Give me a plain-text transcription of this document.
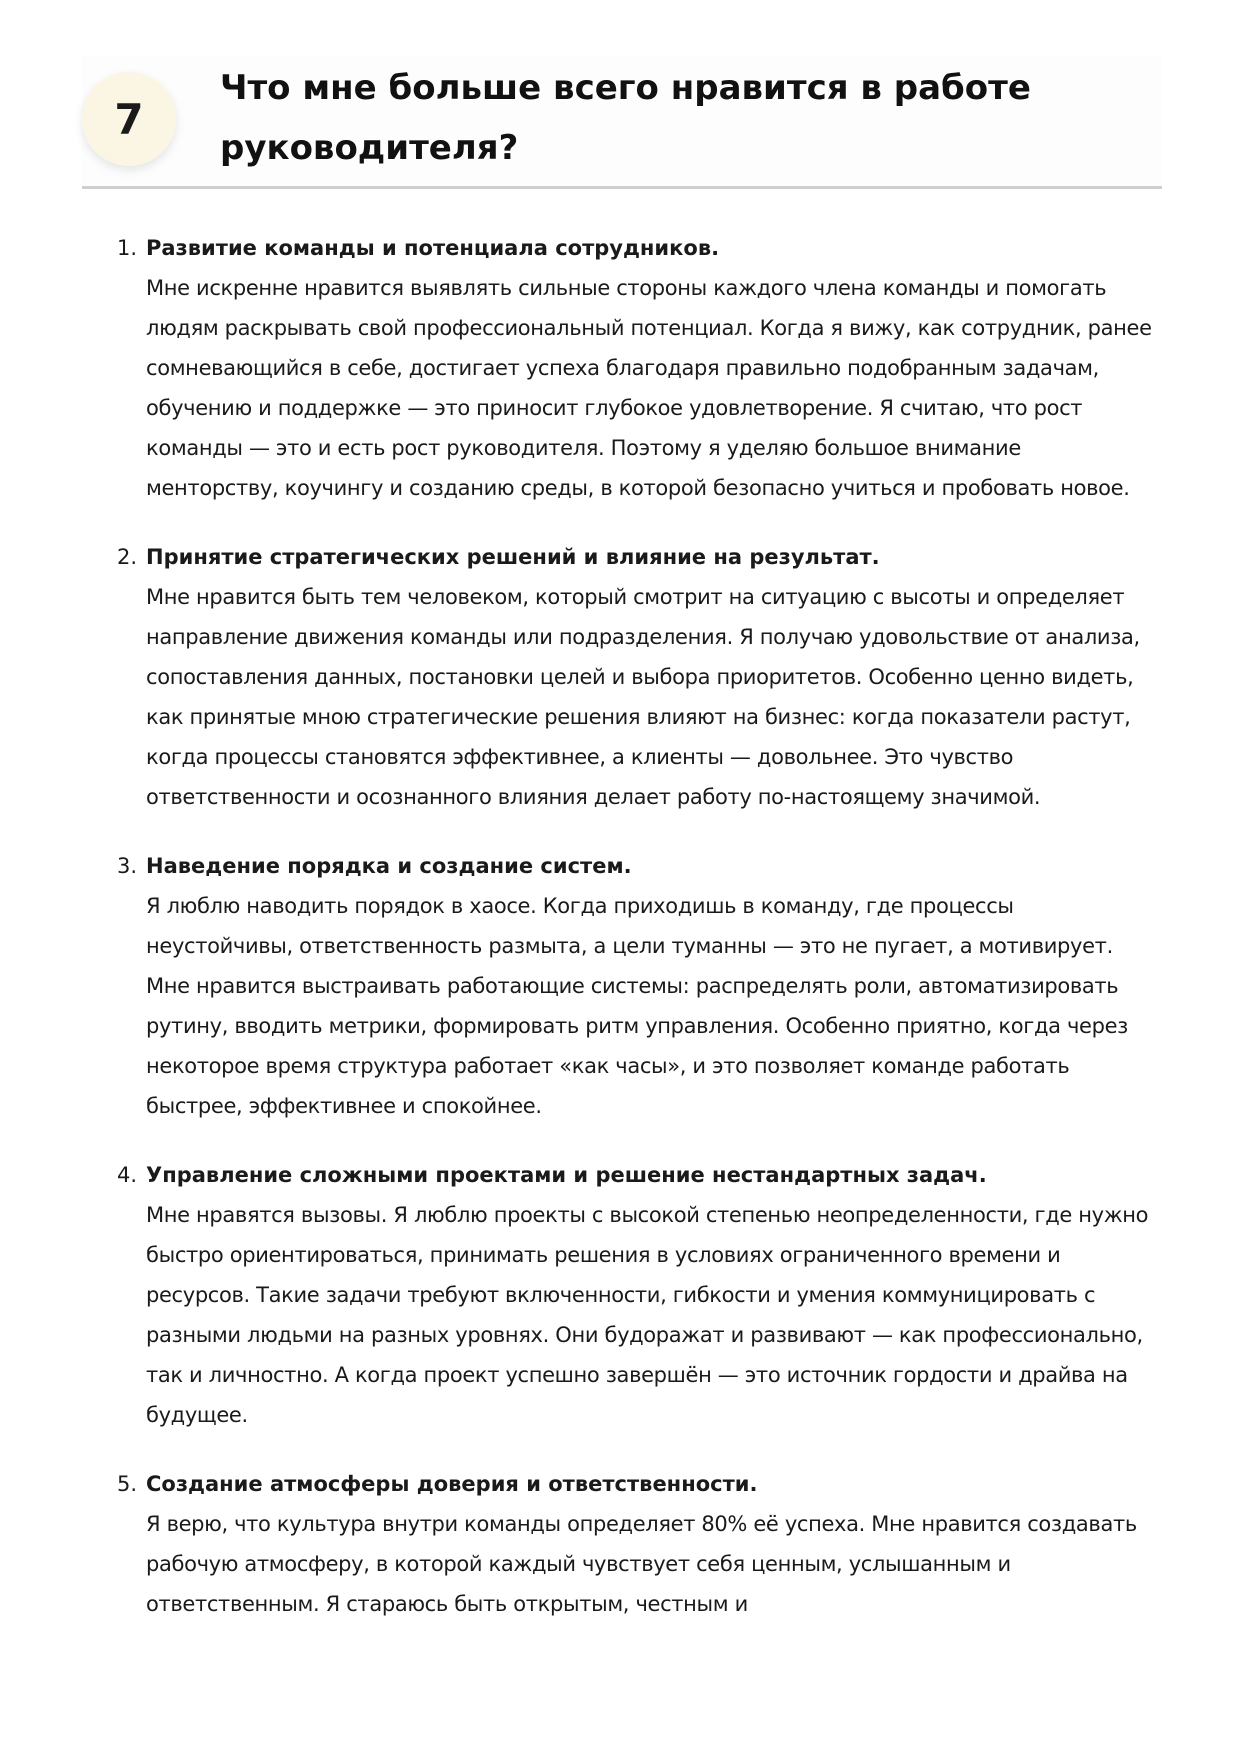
7
Что мне больше всего нравится в работе руководителя?
1. Развитие команды и потенциала сотрудников.

Мне искренне нравится выявлять сильные стороны каждого члена команды и помогать людям раскрывать свой профессиональный потенциал. Когда я вижу, как сотрудник, ранее сомневающийся в себе, достигает успеха благодаря правильно подобранным задачам, обучению и поддержке — это приносит глубокое удовлетворение. Я считаю, что рост команды — это и есть рост руководителя. Поэтому я уделяю большое внимание менторству, коучингу и созданию среды, в которой безопасно учиться и пробовать новое.

2. Принятие стратегических решений и влияние на результат.

Мне нравится быть тем человеком, который смотрит на ситуацию с высоты и определяет направление движения команды или подразделения. Я получаю удовольствие от анализа, сопоставления данных, постановки целей и выбора приоритетов. Особенно ценно видеть, как принятые мною стратегические решения влияют на бизнес: когда показатели растут, когда процессы становятся эффективнее, а клиенты — довольнее. Это чувство ответственности и осознанного влияния делает работу по-настоящему значимой.

3. Наведение порядка и создание систем.

Я люблю наводить порядок в хаосе. Когда приходишь в команду, где процессы неустойчивы, ответственность размыта, а цели туманны — это не пугает, а мотивирует. Мне нравится выстраивать работающие системы: распределять роли, автоматизировать рутину, вводить метрики, формировать ритм управления. Особенно приятно, когда через некоторое время структура работает «как часы», и это позволяет команде работать быстрее, эффективнее и спокойнее.

4. Управление сложными проектами и решение нестандартных задач.

Мне нравятся вызовы. Я люблю проекты с высокой степенью неопределенности, где нужно быстро ориентироваться, принимать решения в условиях ограниченного времени и ресурсов. Такие задачи требуют включенности, гибкости и умения коммуницировать с разными людьми на разных уровнях. Они будоражат и развивают — как профессионально, так и личностно. А когда проект успешно завершён — это источник гордости и драйва на будущее.

5. Создание атмосферы доверия и ответственности.

Я верю, что культура внутри команды определяет 80% её успеха. Мне нравится создавать рабочую атмосферу, в которой каждый чувствует себя ценным, услышанным и ответственным. Я стараюсь быть открытым, честным и
